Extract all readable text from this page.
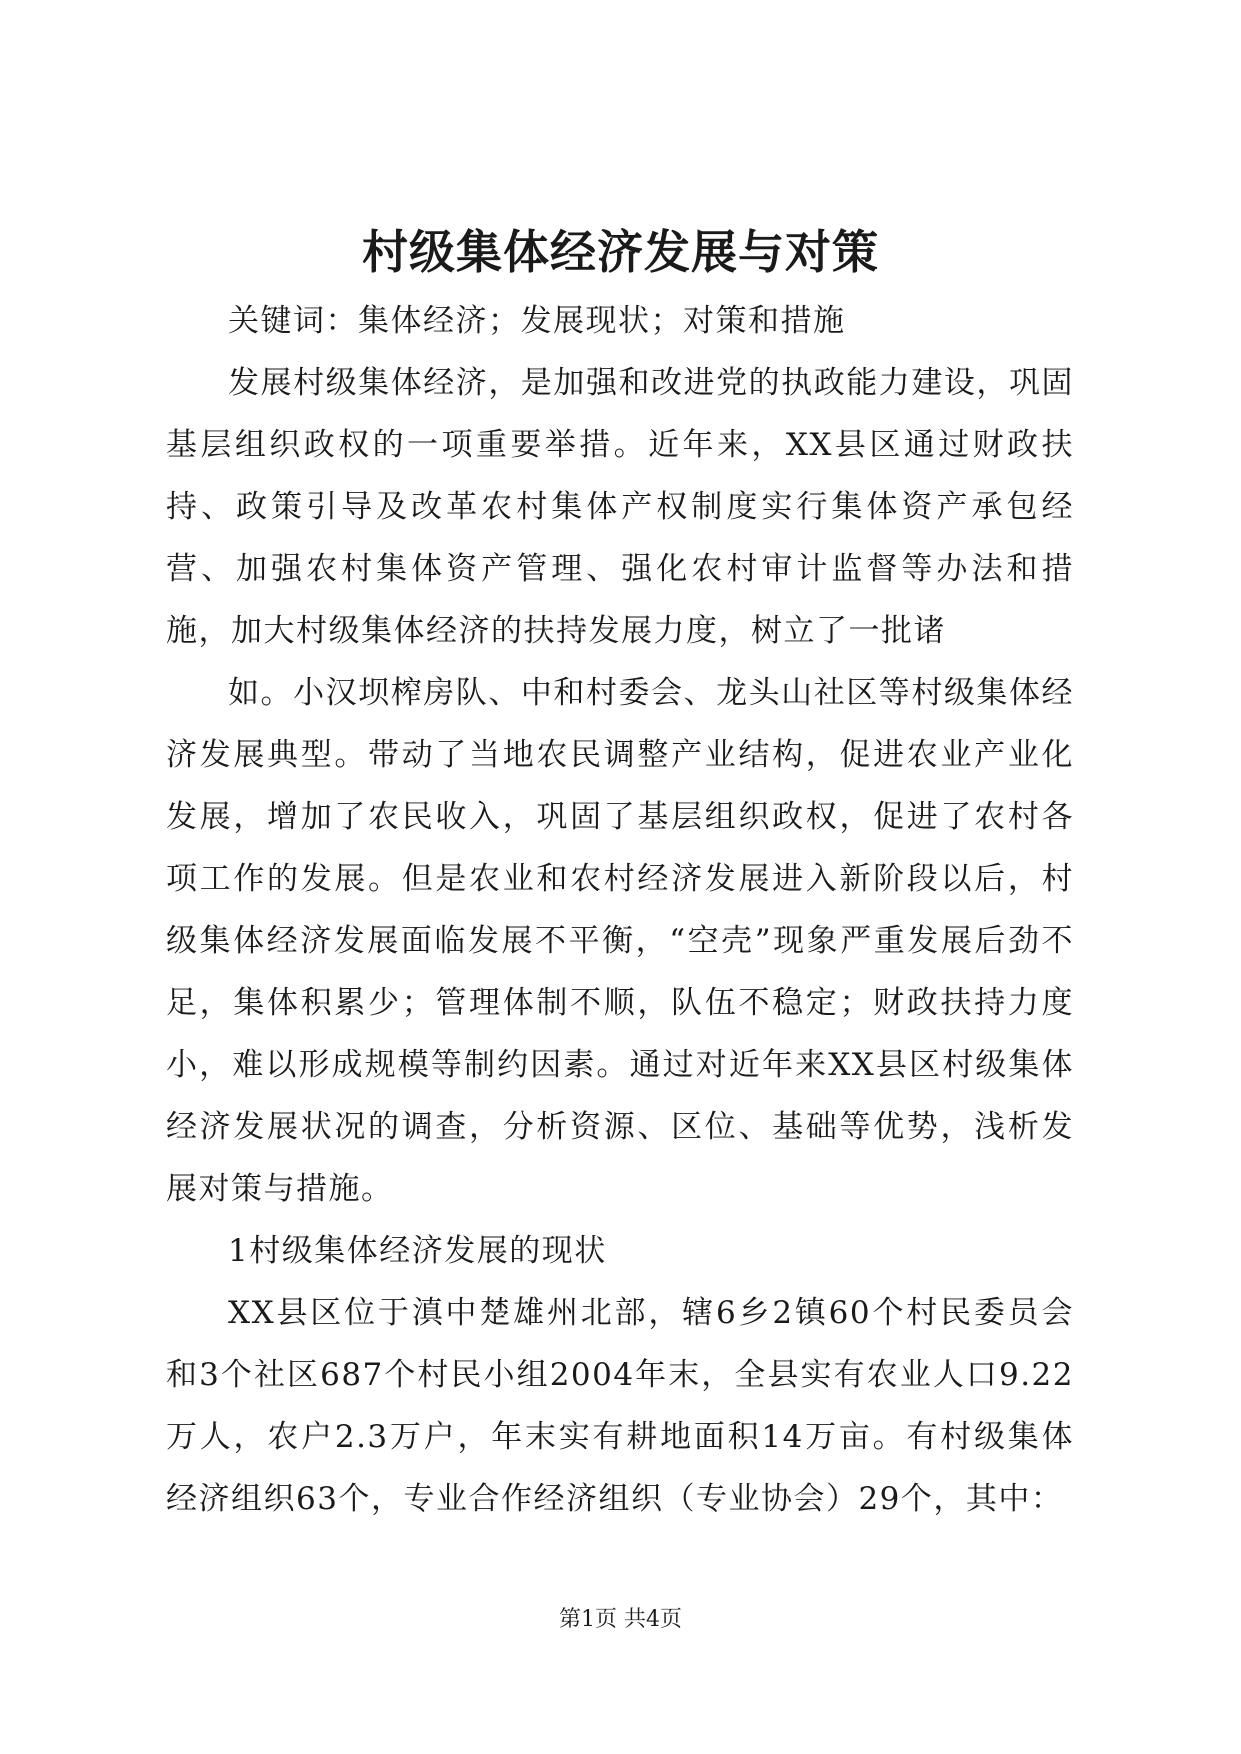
村级集体经济发展与对策

关键词：集体经济；发展现状；对策和措施

发展村级集体经济，是加强和改进党的执政能力建设，巩固基层组织政权的一项重要举措。近年来，XX县区通过财政扶持、政策引导及改革农村集体产权制度实行集体资产承包经营、加强农村集体资产管理、强化农村审计监督等办法和措施，加大村级集体经济的扶持发展力度，树立了一批诸

如。小汉坝榨房队、中和村委会、龙头山社区等村级集体经济发展典型。带动了当地农民调整产业结构，促进农业产业化发展，增加了农民收入，巩固了基层组织政权，促进了农村各项工作的发展。但是农业和农村经济发展进入新阶段以后，村级集体经济发展面临发展不平衡，“空壳”现象严重发展后劲不足，集体积累少；管理体制不顺，队伍不稳定；财政扶持力度小，难以形成规模等制约因素。通过对近年来XX县区村级集体经济发展状况的调查，分析资源、区位、基础等优势，浅析发展对策与措施。

1村级集体经济发展的现状

XX县区位于滇中楚雄州北部，辖6乡2镇60个村民委员会和3个社区687个村民小组2004年末，全县实有农业人口9.22万人，农户2.3万户，年末实有耕地面积14万亩。有村级集体经济组织63个，专业合作经济组织（专业协会）29个，其中：

第1页 共4页
